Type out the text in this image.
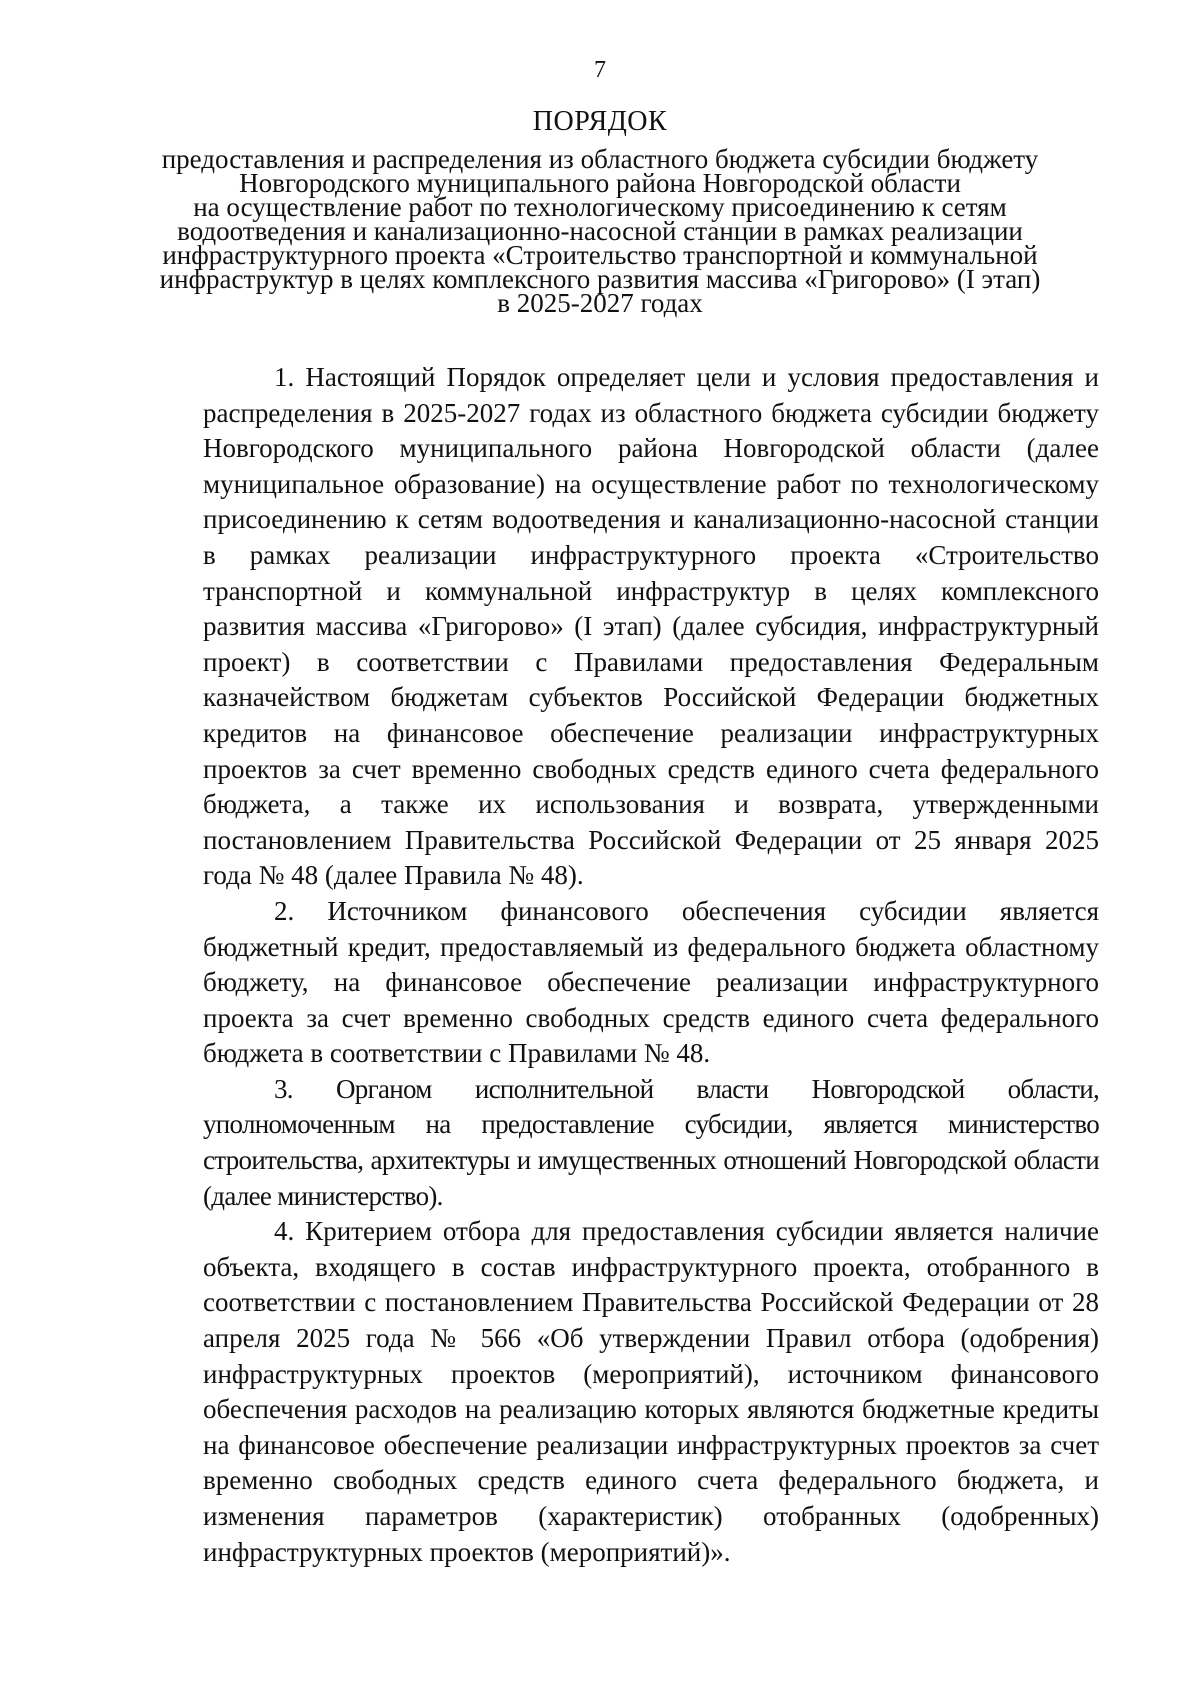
7
ПОРЯДОК
предоставления и распределения из областного бюджета субсидии бюджету
Новгородского муниципального района Новгородской области
на осуществление работ по технологическому присоединению к сетям
водоотведения и канализационно-насосной станции в рамках реализации
инфраструктурного проекта «Строительство транспортной и коммунальной
инфраструктур в целях комплексного развития массива «Григорово» (I этап)
в 2025-2027 годах

1. Настоящий Порядок определяет цели и условия предоставления и распределения в 2025-2027 годах из областного бюджета субсидии бюджету Новгородского муниципального района Новгородской области (далее муниципальное образование) на осуществление работ по технологическому присоединению к сетям водоотведения и канализационно-насосной станции в рамках реализации инфраструктурного проекта «Строительство транспортной и коммунальной инфраструктур в целях комплексного развития массива «Григорово» (I этап) (далее субсидия, инфраструктурный проект) в соответствии с Правилами предоставления Федеральным казначейством бюджетам субъектов Российской Федерации бюджетных кредитов на финансовое обеспечение реализации инфраструктурных проектов за счет временно свободных средств единого счета федерального бюджета, а также их использования и возврата, утвержденными постановлением Правительства Российской Федерации от 25 января 2025 года № 48 (далее Правила № 48).

2. Источником финансового обеспечения субсидии является бюджетный кредит, предоставляемый из федерального бюджета областному бюджету, на финансовое обеспечение реализации инфраструктурного проекта за счет временно свободных средств единого счета федерального бюджета в соответствии с Правилами № 48.

3. Органом исполнительной власти Новгородской области, уполномоченным на предоставление субсидии, является министерство строительства, архитектуры и имущественных отношений Новгородской области (далее министерство).

4. Критерием отбора для предоставления субсидии является наличие объекта, входящего в состав инфраструктурного проекта, отобранного в соответствии с постановлением Правительства Российской Федерации от 28 апреля 2025 года № 566 «Об утверждении Правил отбора (одобрения) инфраструктурных проектов (мероприятий), источником финансового обеспечения расходов на реализацию которых являются бюджетные кредиты на финансовое обеспечение реализации инфраструктурных проектов за счет временно свободных средств единого счета федерального бюджета, и изменения параметров (характеристик) отобранных (одобренных) инфраструктурных проектов (мероприятий)».
